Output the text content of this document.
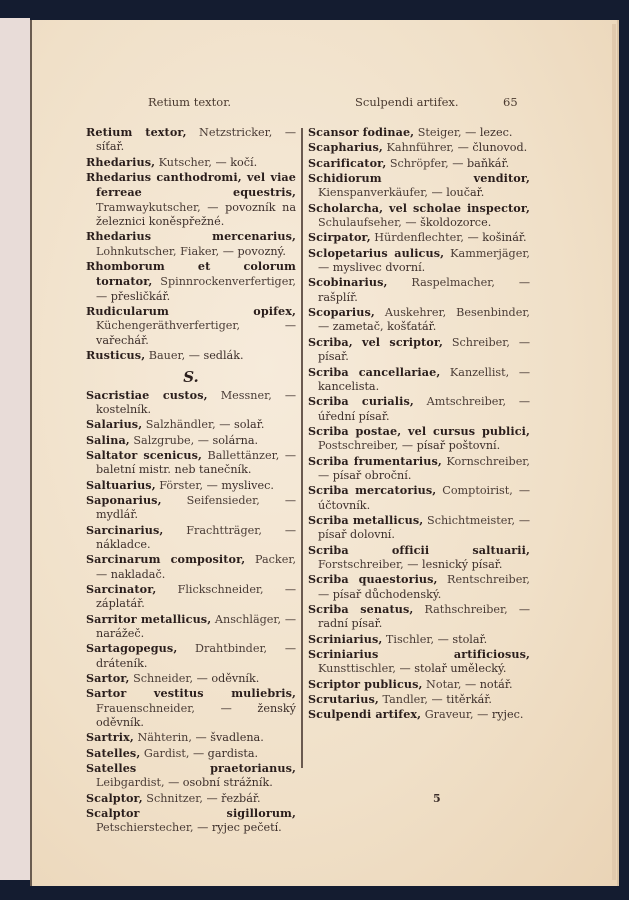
Retium textor.	Sculpendi artifex.	65

Retium textor, Netzstricker, — síťař.

Rhedarius, Kutscher, — kočí.

Rhedarius canthodromi, vel viae ferreae equestris, Tramwaykutscher, — povozník na železnici koněspřežné.

Rhedarius mercenarius, Lohnkutscher, Fiaker, — povozný.

Rhomborum et colorum tornator, Spinnrockenverfertiger, — přesličkář.

Rudicularum opifex, Küchengeräthverfertiger, — vařechář.

Rusticus, Bauer, — sedlák.

S.

Sacristiae custos, Messner, — kostelník.

Salarius, Salzhändler, — solař.

Salina, Salzgrube, — solárna.

Saltator scenicus, Ballettänzer, — baletní mistr. neb tanečník.

Saltuarius, Förster, — myslivec.

Saponarius, Seifensieder, — mydlář.

Sarcinarius, Frachtträger, — nákladce.

Sarcinarum compositor, Packer, — nakladač.

Sarcinator, Flickschneider, — záplatář.

Sarritor metallicus, Anschläger, — narážeč.

Sartagopegus, Drahtbinder, — dráteník.

Sartor, Schneider, — oděvník.

Sartor vestitus muliebris, Frauenschneider, — ženský oděvník.

Sartrix, Nähterin, — švadlena.

Satelles, Gardist, — gardista.

Satelles praetorianus, Leibgardist, — osobní strážník.

Scalptor, Schnitzer, — řezbář.

Scalptor sigillorum, Petschierstecher, — ryjec pečetí.

Scansor fodinae, Steiger, — lezec.

Scapharius, Kahnführer, — člunovod.

Scarificator, Schröpfer, — baňkář.

Schidiorum venditor, Kienspanverkäufer, — loučař.

Scholarcha, vel scholae inspector, Schulaufseher, — školdozorce.

Scirpator, Hürdenflechter, — košinář.

Sclopetarius aulicus, Kammerjäger, — myslivec dvorní.

Scobinarius, Raspelmacher, — rašplíř.

Scoparius, Auskehrer, Besenbinder, — zametač, košťatář.

Scriba, vel scriptor, Schreiber, — písař.

Scriba cancellariae, Kanzellist, — kancelista.

Scriba curialis, Amtschreiber, — úřední písař.

Scriba postae, vel cursus publici, Postschreiber, — písař poštovní.

Scriba frumentarius, Kornschreiber, — písař obroční.

Scriba mercatorius, Comptoirist, — účtovník.

Scriba metallicus, Schichtmeister, — písař dolovní.

Scriba officii saltuarii, Forstschreiber, — lesnický písař.

Scriba quaestorius, Rentschreiber, — písař důchodenský.

Scriba senatus, Rathschreiber, — radní písař.

Scriniarius, Tischler, — stolař.

Scriniarius artificiosus, Kunsttischler, — stolař umělecký.

Scriptor publicus, Notar, — notář.

Scrutarius, Tandler, — titěrkář.

Sculpendi artifex, Graveur, — ryjec.

5
